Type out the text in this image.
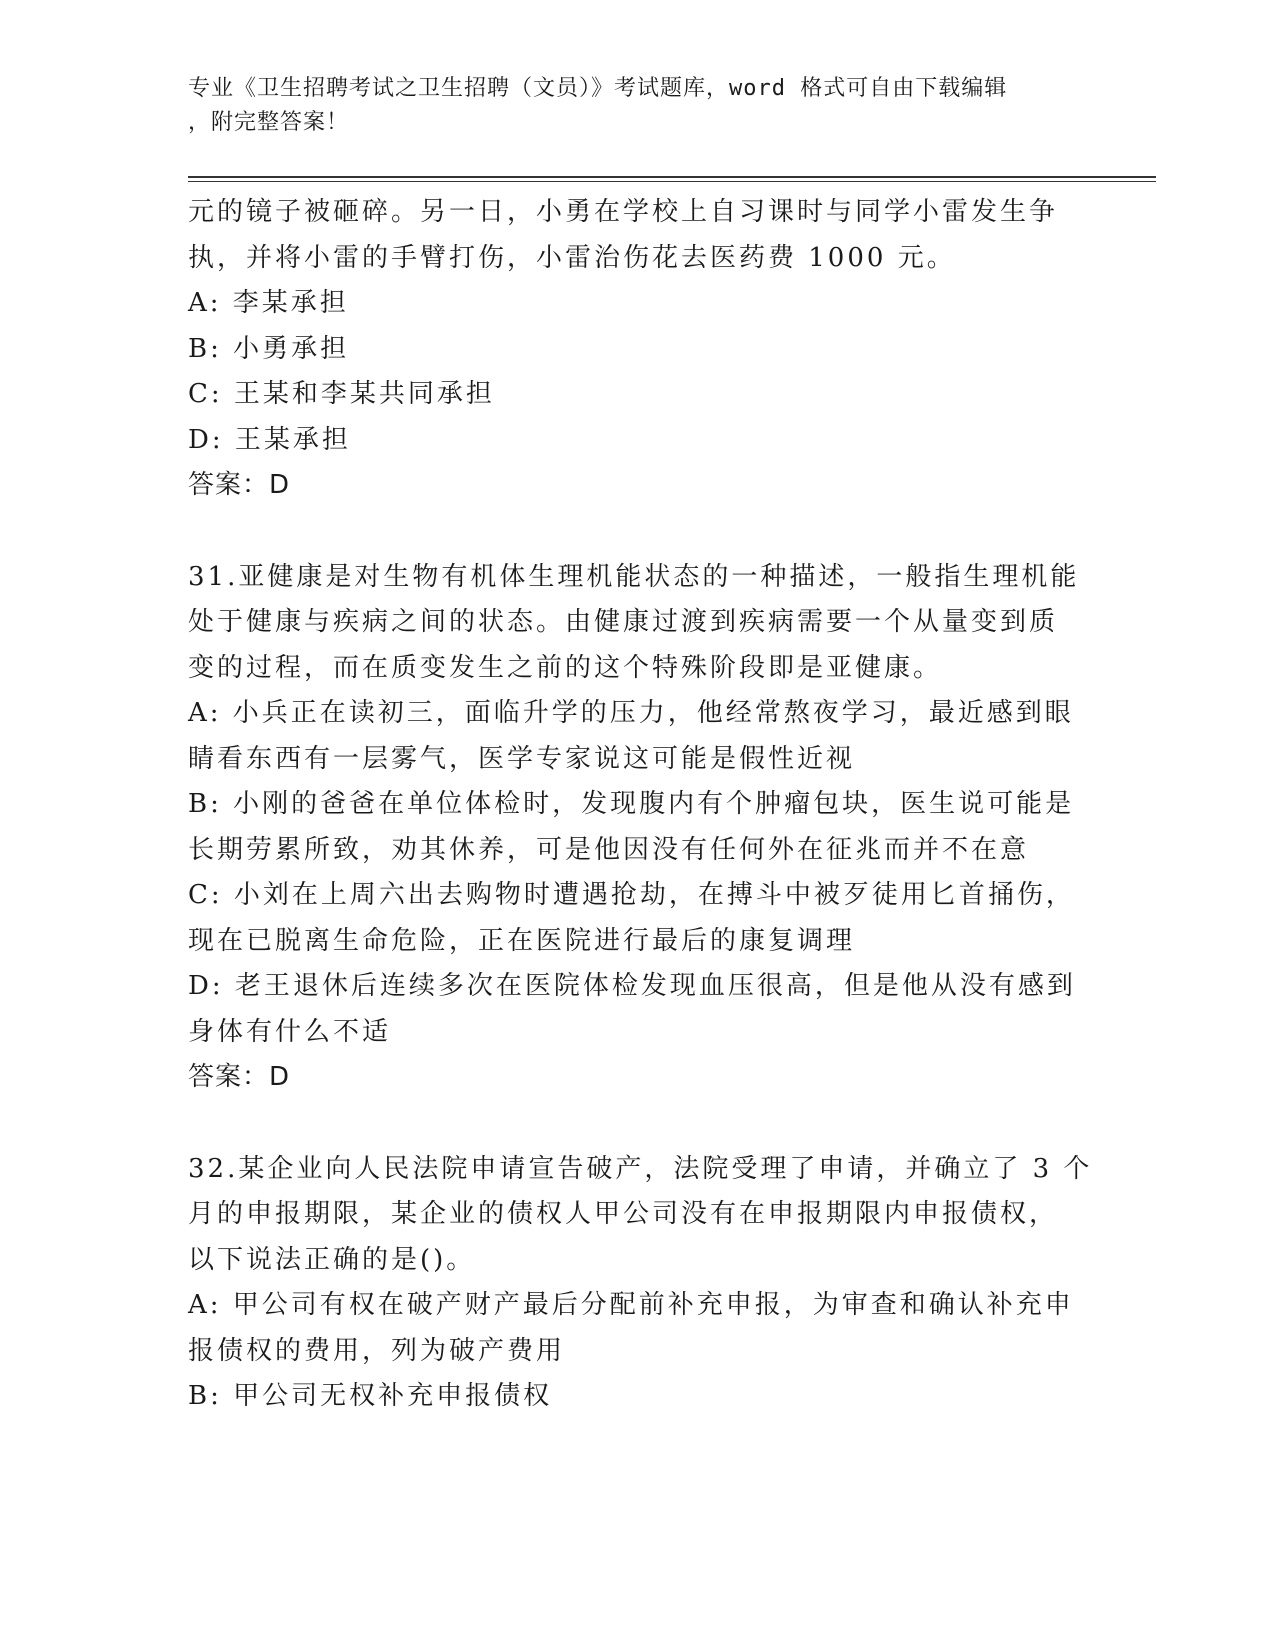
专业《卫生招聘考试之卫生招聘（文员）》考试题库，word 格式可自由下载编辑
，附完整答案！
元的镜子被砸碎。另一日，小勇在学校上自习课时与同学小雷发生争
执，并将小雷的手臂打伤，小雷治伤花去医药费 1000 元。
A: 李某承担
B: 小勇承担
C: 王某和李某共同承担
D: 王某承担
答案：D
31.亚健康是对生物有机体生理机能状态的一种描述，一般指生理机能
处于健康与疾病之间的状态。由健康过渡到疾病需要一个从量变到质
变的过程，而在质变发生之前的这个特殊阶段即是亚健康。
A: 小兵正在读初三，面临升学的压力，他经常熬夜学习，最近感到眼
睛看东西有一层雾气，医学专家说这可能是假性近视
B: 小刚的爸爸在单位体检时，发现腹内有个肿瘤包块，医生说可能是
长期劳累所致，劝其休养，可是他因没有任何外在征兆而并不在意
C: 小刘在上周六出去购物时遭遇抢劫，在搏斗中被歹徒用匕首捅伤，
现在已脱离生命危险，正在医院进行最后的康复调理
D: 老王退休后连续多次在医院体检发现血压很高，但是他从没有感到
身体有什么不适
答案：D
32.某企业向人民法院申请宣告破产，法院受理了申请，并确立了 3 个
月的申报期限，某企业的债权人甲公司没有在申报期限内申报债权，
以下说法正确的是()。
A: 甲公司有权在破产财产最后分配前补充申报，为审查和确认补充申
报债权的费用，列为破产费用
B: 甲公司无权补充申报债权
